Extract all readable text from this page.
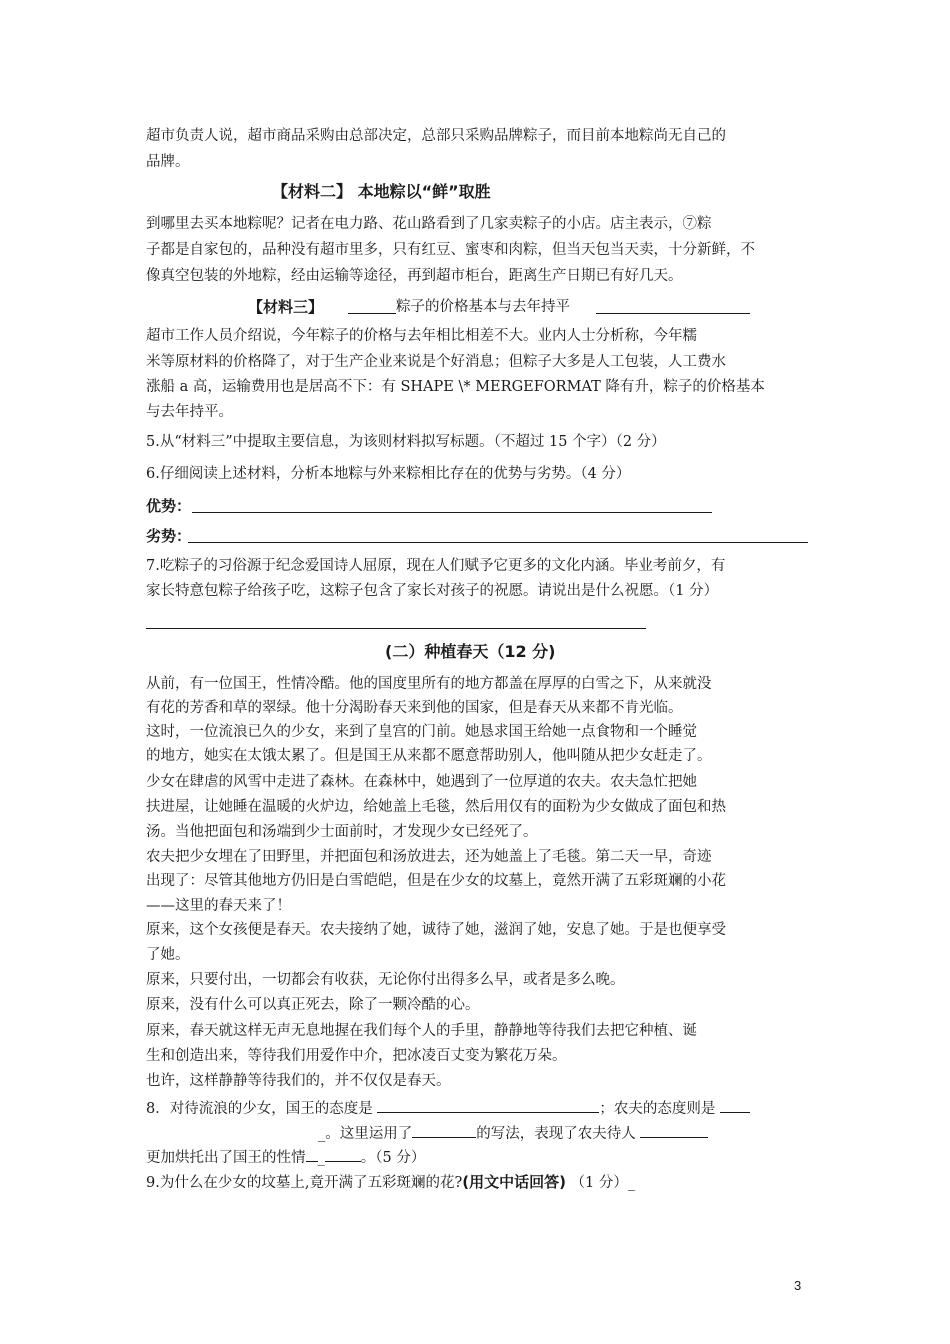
超市负责人说，超市商品采购由总部决定，总部只采购品牌粽子，而目前本地粽尚无自己的
品牌。
【材料二】 本地粽以“鲜”取胜
到哪里去买本地粽呢？记者在电力路、花山路看到了几家卖粽子的小店。店主表示，⑦粽
子都是自家包的，品种没有超市里多，只有红豆、蜜枣和肉粽，但当天包当天卖，十分新鲜，不
像真空包装的外地粽，经由运输等途径，再到超市柜台，距离生产日期已有好几天。
【材料三】	粽子的价格基本与去年持平
超市工作人员介绍说，今年粽子的价格与去年相比相差不大。业内人士分析称，今年糯
米等原材料的价格降了，对于生产企业来说是个好消息；但粽子大多是人工包装，人工费水
涨船 a 高，运输费用也是居高不下：有 SHAPE \* MERGEFORMAT 降有升，粽子的价格基本
与去年持平。
5.从“材料三”中提取主要信息，为该则材料拟写标题。（不超过 15 个字）（2 分）
6.仔细阅读上述材料，分析本地粽与外来粽相比存在的优势与劣势。（4 分）
优势：
劣势：
7.吃粽子的习俗源于纪念爱国诗人屈原，现在人们赋予它更多的文化内涵。毕业考前夕，有
家长特意包粽子给孩子吃，这粽子包含了家长对孩子的祝愿。请说出是什么祝愿。（1 分）
(二）种植春天（12 分)
从前，有一位国王，性情冷酷。他的国度里所有的地方都盖在厚厚的白雪之下，从来就没
有花的芳香和草的翠绿。他十分渴盼春天来到他的国家，但是春天从来都不肯光临。
这时，一位流浪已久的少女，来到了皇宫的门前。她恳求国王给她一点食物和一个睡觉
的地方，她实在太饿太累了。但是国王从来都不愿意帮助别人，他叫随从把少女赶走了。
少女在肆虐的风雪中走进了森林。在森林中，她遇到了一位厚道的农夫。农夫急忙把她
扶进屋，让她睡在温暖的火炉边，给她盖上毛毯，然后用仅有的面粉为少女做成了面包和热
汤。当他把面包和汤端到少士面前时，才发现少女已经死了。
农夫把少女埋在了田野里，并把面包和汤放进去，还为她盖上了毛毯。第二天一早，奇迹
出现了：尽管其他地方仍旧是白雪皑皑，但是在少女的坟墓上，竟然开满了五彩斑斓的小花
——这里的春天来了！
原来，这个女孩便是春天。农夫接纳了她，诚待了她，滋润了她，安息了她。于是也便享受
了她。
原来，只要付出，一切都会有收获，无论你付出得多么早，或者是多么晚。
原来，没有什么可以真正死去，除了一颗冷酷的心。
原来，春天就这样无声无息地握在我们每个人的手里，静静地等待我们去把它种植、诞
生和创造出来，等待我们用爱作中介，把冰凌百丈变为繁花万朵。
也许，这样静静等待我们的，并不仅仅是春天。
8．对待流浪的少女，国王的态度是	；农夫的态度则是
_。这里运用了	的写法，表现了农夫待人
更加烘托出了国王的性情 _ 。（5 分）
9.为什么在少女的坟墓上,竟开满了五彩斑斓的花?(用文中话回答) （1 分）_
3
